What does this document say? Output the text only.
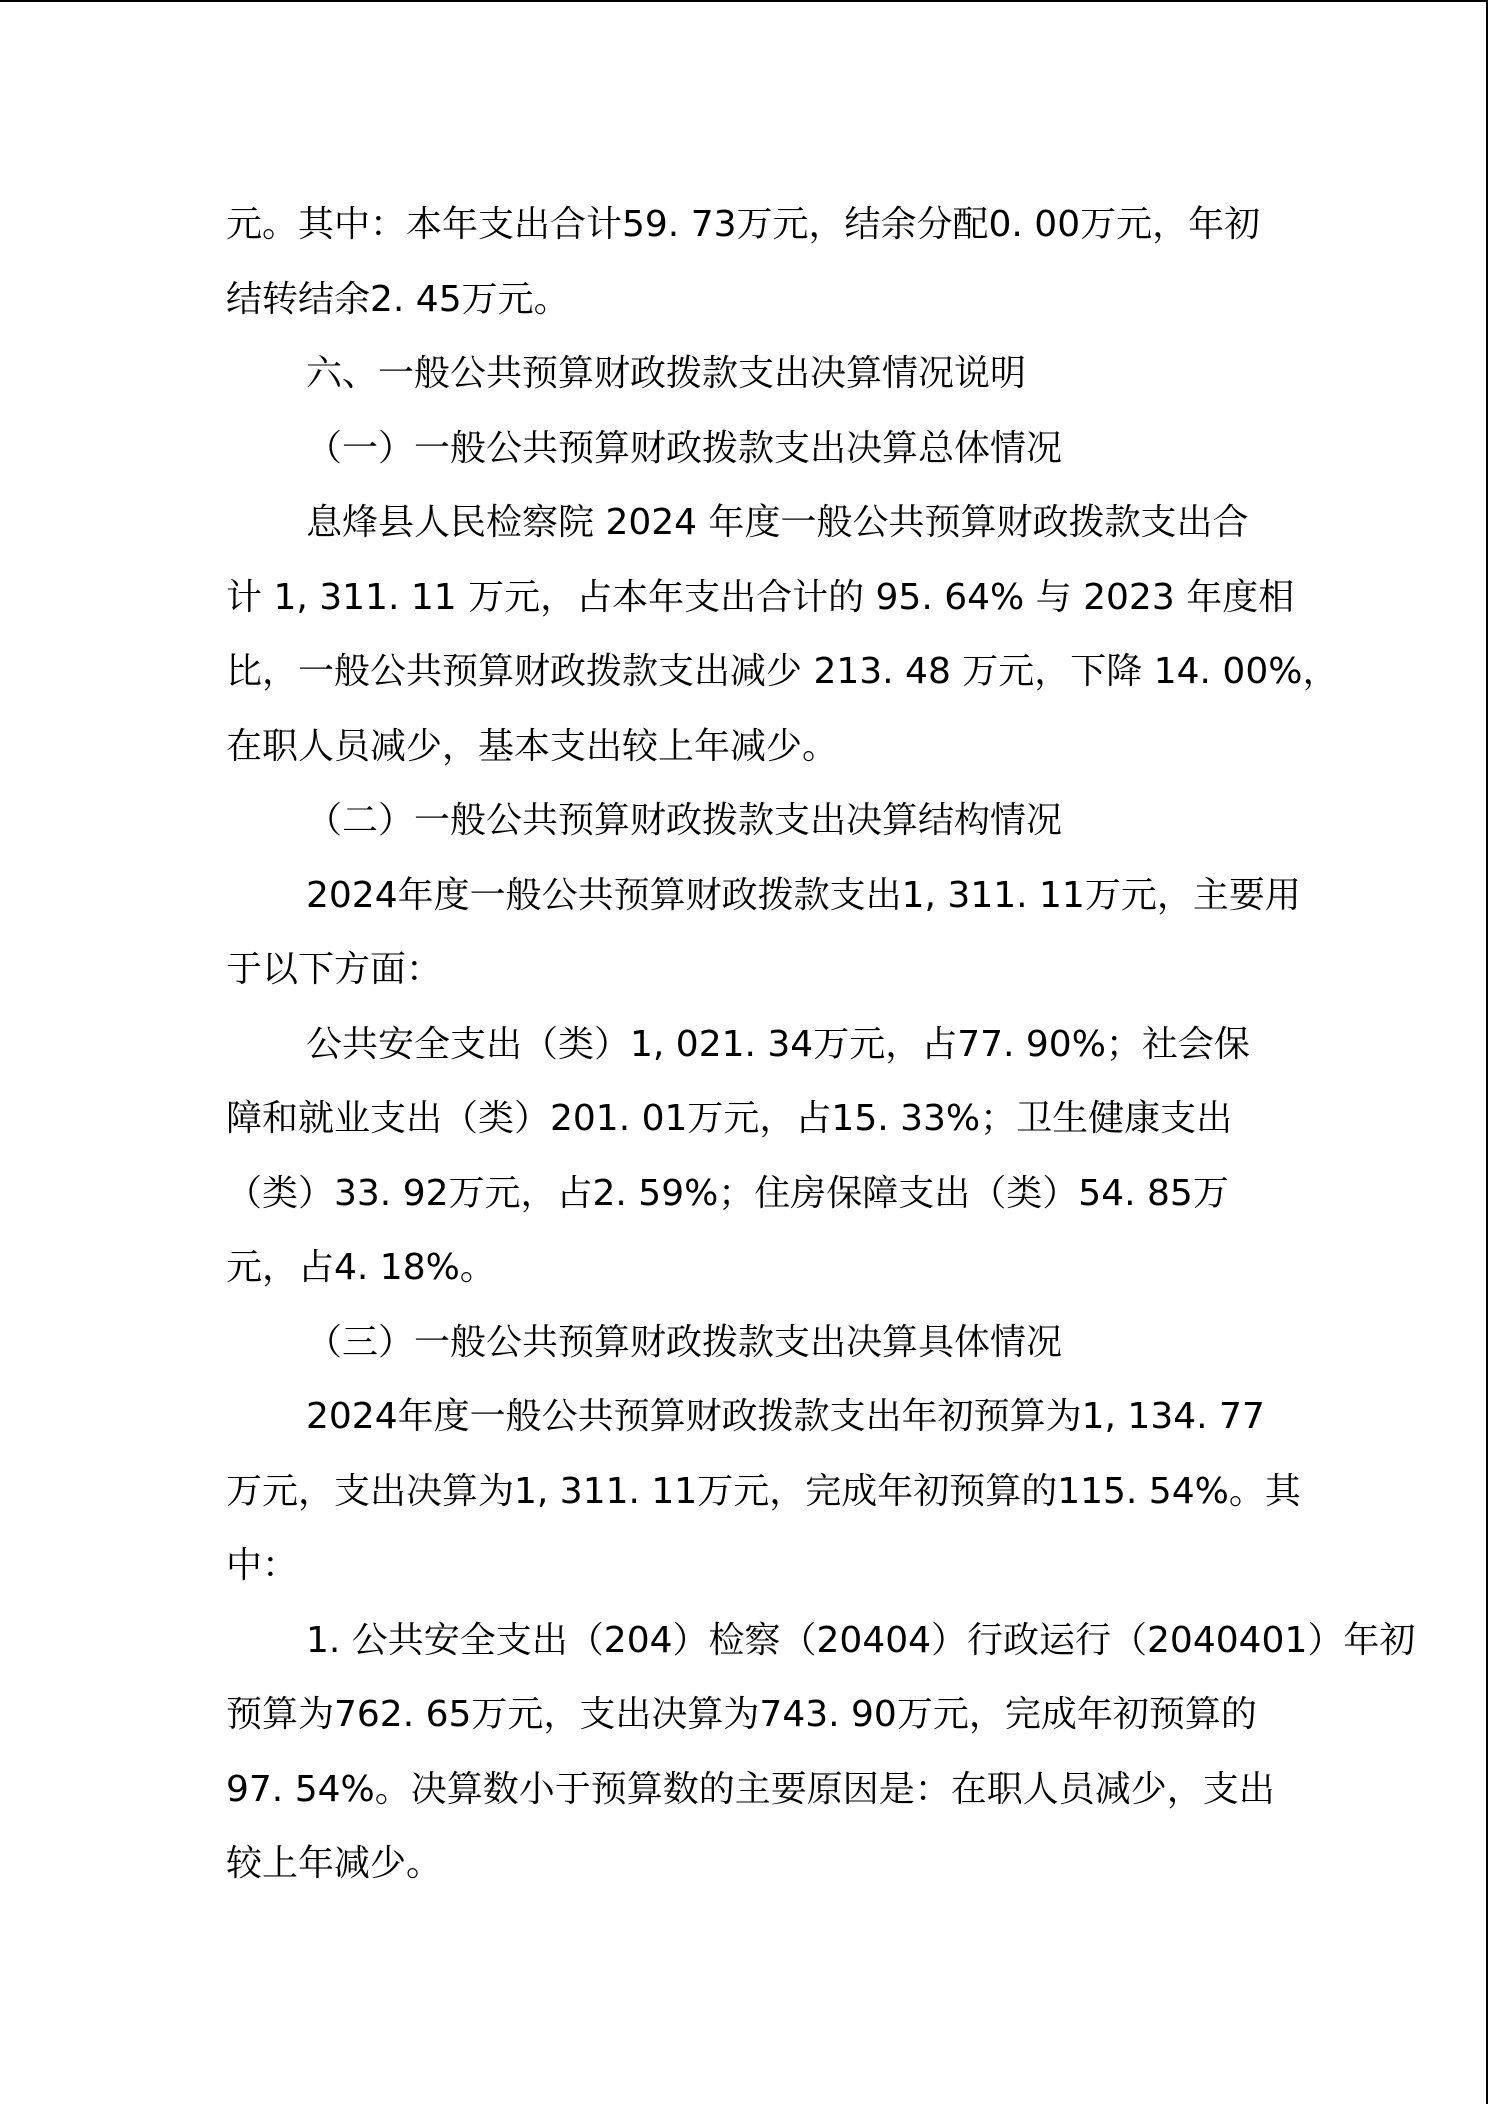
元。其中：本年支出合计59. 73万元，结余分配0. 00万元，年初

结转结余2. 45万元。

六、一般公共预算财政拨款支出决算情况说明

（一）一般公共预算财政拨款支出决算总体情况

息烽县人民检察院 2024 年度一般公共预算财政拨款支出合

计 1, 311. 11 万元，占本年支出合计的 95. 64% 与 2023 年度相

比，一般公共预算财政拨款支出减少 213. 48 万元，下降 14. 00%，

在职人员减少，基本支出较上年减少。

（二）一般公共预算财政拨款支出决算结构情况

2024年度一般公共预算财政拨款支出1, 311. 11万元，主要用

于以下方面：

公共安全支出（类）1, 021. 34万元，占77. 90%；社会保

障和就业支出（类）201. 01万元，占15. 33%；卫生健康支出

（类）33. 92万元，占2. 59%；住房保障支出（类）54. 85万

元，占4. 18%。

（三）一般公共预算财政拨款支出决算具体情况

2024年度一般公共预算财政拨款支出年初预算为1, 134. 77

万元，支出决算为1, 311. 11万元，完成年初预算的115. 54%。其

中：

1. 公共安全支出（204）检察（20404）行政运行（2040401）年初

预算为762. 65万元，支出决算为743. 90万元，完成年初预算的

97. 54%。决算数小于预算数的主要原因是：在职人员减少，支出

较上年减少。
